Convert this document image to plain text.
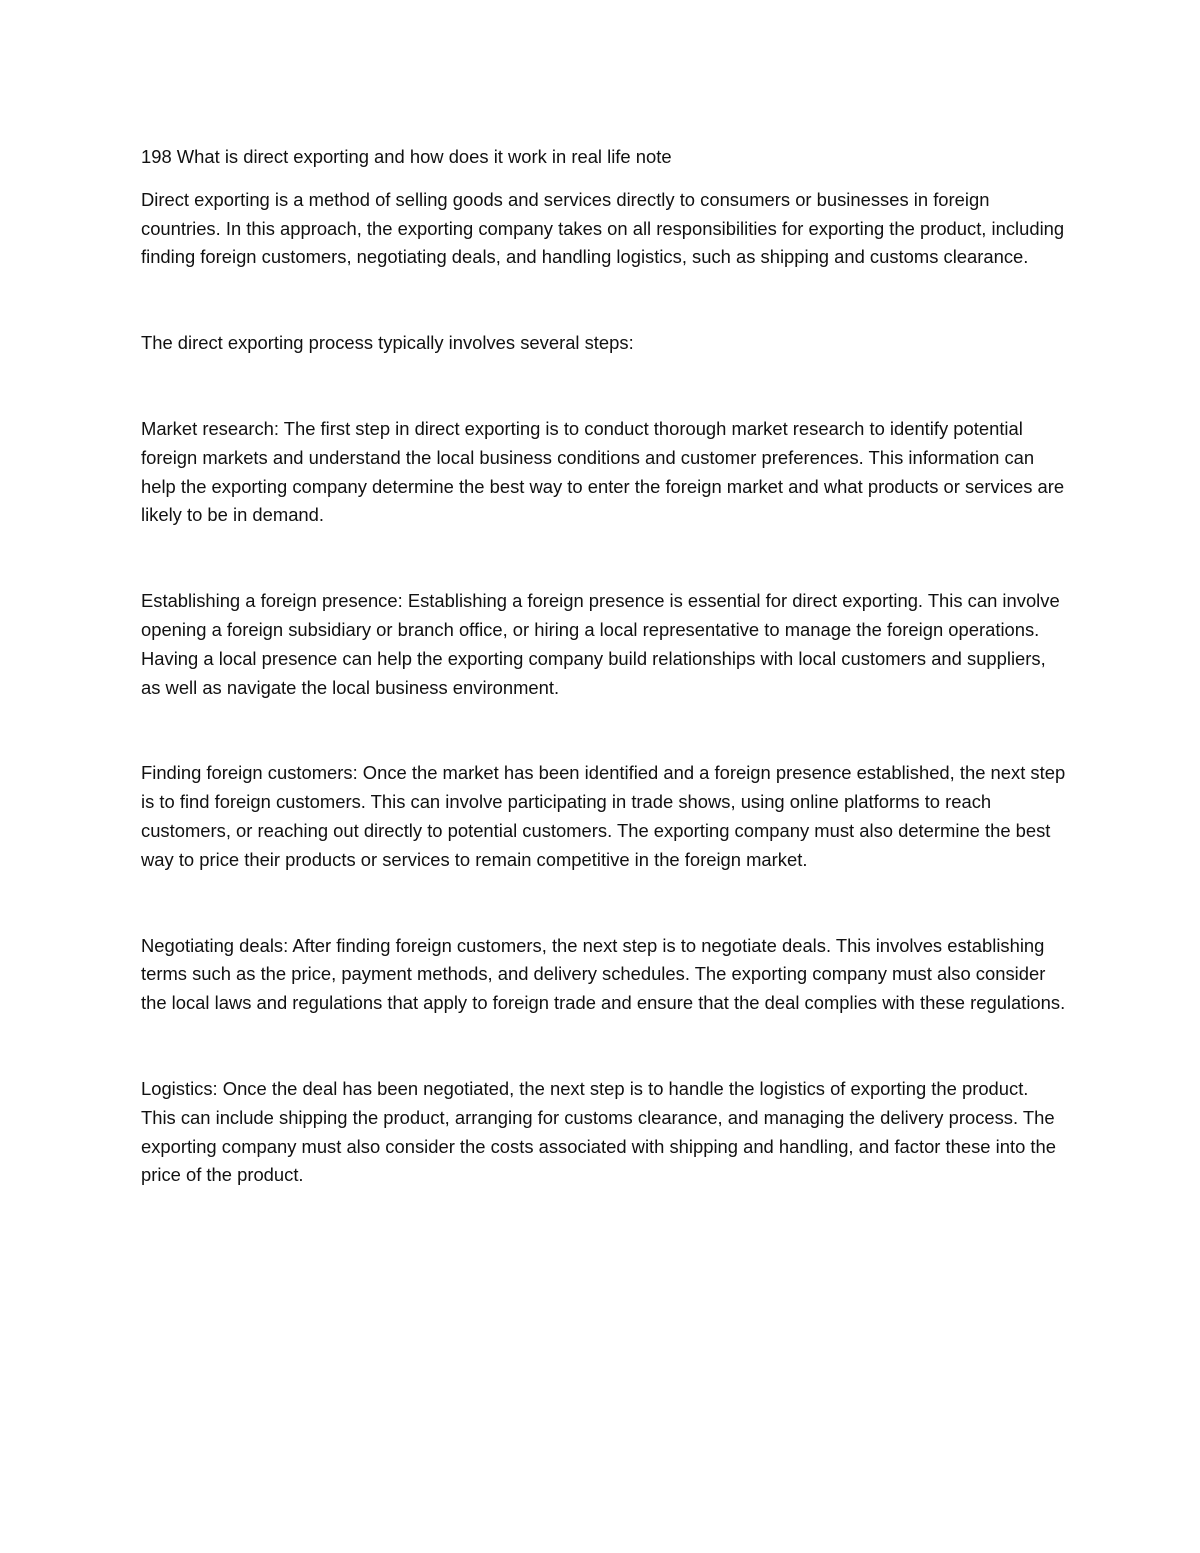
198 What is direct exporting and how does it work in real life note

Direct exporting is a method of selling goods and services directly to consumers or businesses in foreign countries. In this approach, the exporting company takes on all responsibilities for exporting the product, including finding foreign customers, negotiating deals, and handling logistics, such as shipping and customs clearance.

The direct exporting process typically involves several steps:

Market research: The first step in direct exporting is to conduct thorough market research to identify potential foreign markets and understand the local business conditions and customer preferences. This information can help the exporting company determine the best way to enter the foreign market and what products or services are likely to be in demand.

Establishing a foreign presence: Establishing a foreign presence is essential for direct exporting. This can involve opening a foreign subsidiary or branch office, or hiring a local representative to manage the foreign operations. Having a local presence can help the exporting company build relationships with local customers and suppliers, as well as navigate the local business environment.

Finding foreign customers: Once the market has been identified and a foreign presence established, the next step is to find foreign customers. This can involve participating in trade shows, using online platforms to reach customers, or reaching out directly to potential customers. The exporting company must also determine the best way to price their products or services to remain competitive in the foreign market.

Negotiating deals: After finding foreign customers, the next step is to negotiate deals. This involves establishing terms such as the price, payment methods, and delivery schedules. The exporting company must also consider the local laws and regulations that apply to foreign trade and ensure that the deal complies with these regulations.

Logistics: Once the deal has been negotiated, the next step is to handle the logistics of exporting the product. This can include shipping the product, arranging for customs clearance, and managing the delivery process. The exporting company must also consider the costs associated with shipping and handling, and factor these into the price of the product.
